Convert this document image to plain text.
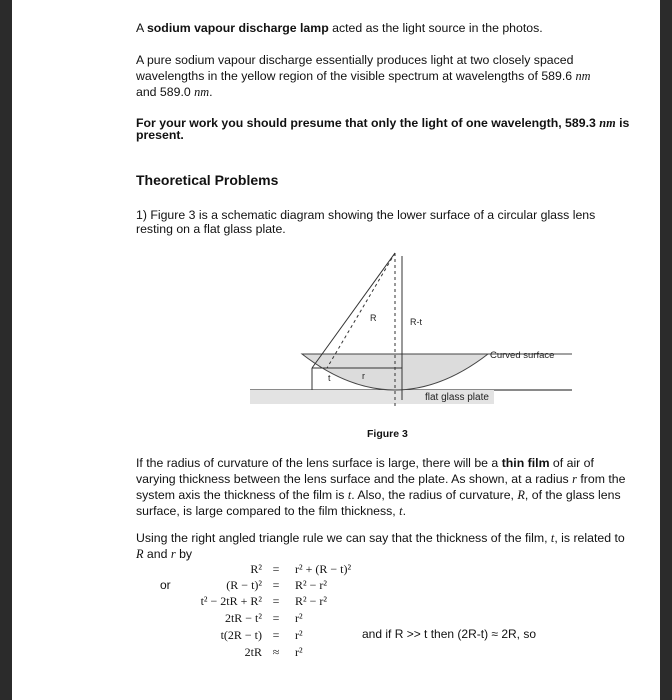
A sodium vapour discharge lamp acted as the light source in the photos.

A pure sodium vapour discharge essentially produces light at two closely spaced wavelengths in the yellow region of the visible spectrum at wavelengths of 589.6 nm
and 589.0 nm.

For your work you should presume that only the light of one wavelength, 589.3 nm is present.

Theoretical Problems

1) Figure 3 is a schematic diagram showing the lower surface of a circular glass lens resting on a flat glass plate.

R	R-t
Curved surface
t	r
flat glass plate
Figure 3

If the radius of curvature of the lens surface is large, there will be a thin film of air of varying thickness between the lens surface and the plate. As shown, at a radius r from the system axis the thickness of the film is t. Also, the radius of curvature, R, of the glass lens surface, is large compared to the film thickness, t.

Using the right angled triangle rule we can say that the thickness of the film, t, is related to R and r by

or
R² =	r² + (R − t)²
(R − t)² =	R² − r²
t² − 2tR + R² =	R² − r²
2tR − t² =	r²
t(2R − t) =	r²
2tR ≈	r²
and if R >> t then (2R-t) ≈ 2R, so
